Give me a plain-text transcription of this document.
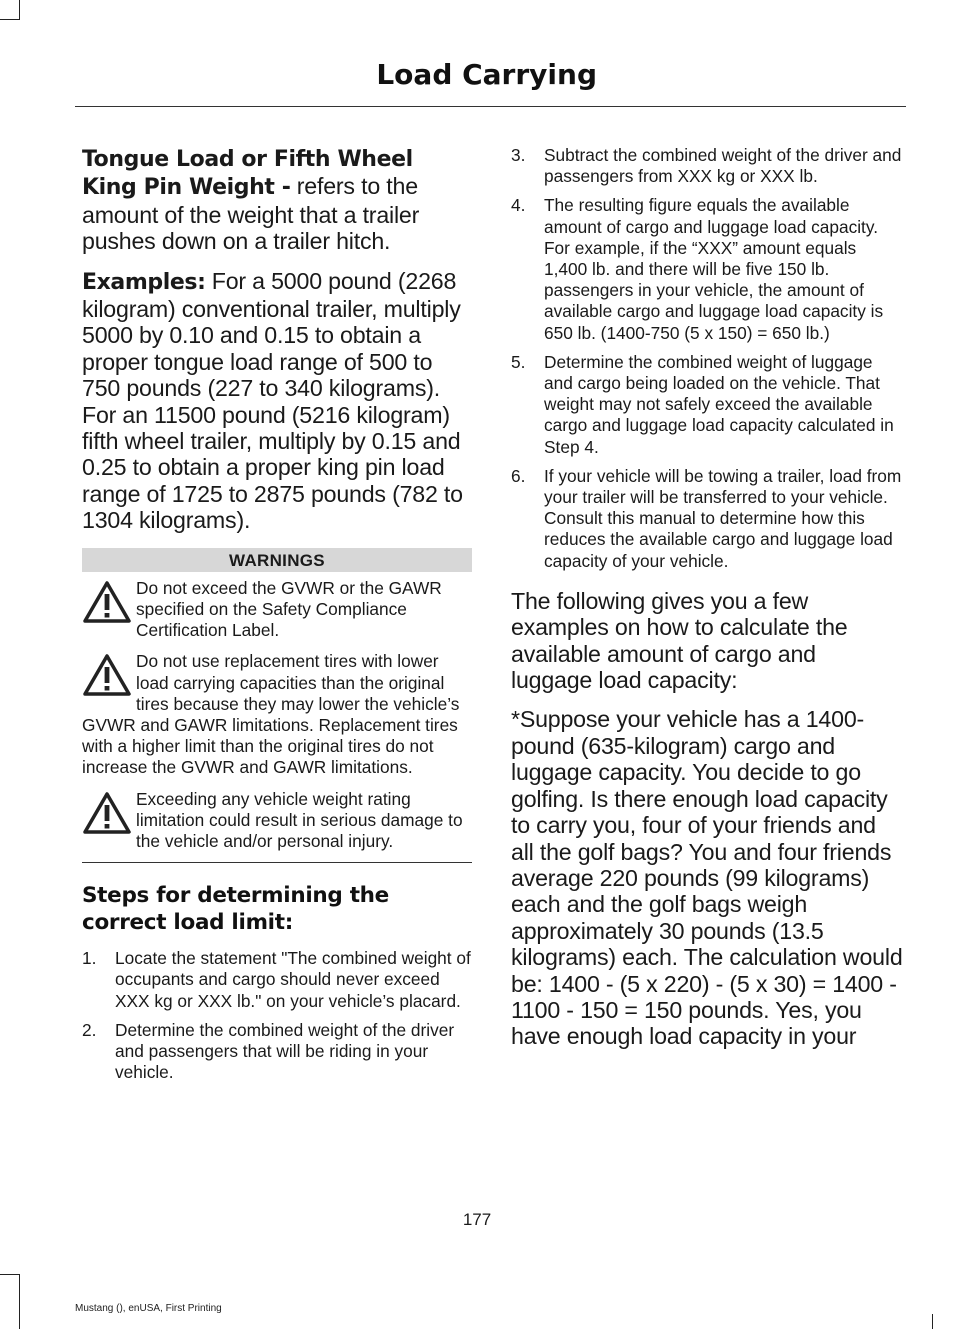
Load Carrying

Tongue Load or Fifth Wheel King Pin Weight - refers to the amount of the weight that a trailer pushes down on a trailer hitch.

Examples: For a 5000 pound (2268 kilogram) conventional trailer, multiply 5000 by 0.10 and 0.15 to obtain a proper tongue load range of 500 to 750 pounds (227 to 340 kilograms). For an 11500 pound (5216 kilogram) fifth wheel trailer, multiply by 0.15 and 0.25 to obtain a proper king pin load range of 1725 to 2875 pounds (782 to 1304 kilograms).

WARNINGS
Do not exceed the GVWR or the GAWR specified on the Safety Compliance Certification Label.
Do not use replacement tires with lower load carrying capacities than the original tires because they may lower the vehicle’s GVWR and GAWR limitations. Replacement tires with a higher limit than the original tires do not increase the GVWR and GAWR limitations.
Exceeding any vehicle weight rating limitation could result in serious damage to the vehicle and/or personal injury.
Steps for determining the correct load limit:
1. Locate the statement "The combined weight of occupants and cargo should never exceed XXX kg or XXX lb." on your vehicle’s placard.
2. Determine the combined weight of the driver and passengers that will be riding in your vehicle.
3. Subtract the combined weight of the driver and passengers from XXX kg or XXX lb.
4. The resulting figure equals the available amount of cargo and luggage load capacity. For example, if the “XXX” amount equals 1,400 lb. and there will be five 150 lb. passengers in your vehicle, the amount of available cargo and luggage load capacity is 650 lb. (1400-750 (5 x 150) = 650 lb.)
5. Determine the combined weight of luggage and cargo being loaded on the vehicle. That weight may not safely exceed the available cargo and luggage load capacity calculated in Step 4.
6. If your vehicle will be towing a trailer, load from your trailer will be transferred to your vehicle. Consult this manual to determine how this reduces the available cargo and luggage load capacity of your vehicle.

The following gives you a few examples on how to calculate the available amount of cargo and luggage load capacity:

*Suppose your vehicle has a 1400-pound (635-kilogram) cargo and luggage capacity. You decide to go golfing. Is there enough load capacity to carry you, four of your friends and all the golf bags? You and four friends average 220 pounds (99 kilograms) each and the golf bags weigh approximately 30 pounds (13.5 kilograms) each. The calculation would be: 1400 - (5 x 220) - (5 x 30) = 1400 - 1100 - 150 = 150 pounds. Yes, you have enough load capacity in your

177
Mustang (), enUSA, First Printing
